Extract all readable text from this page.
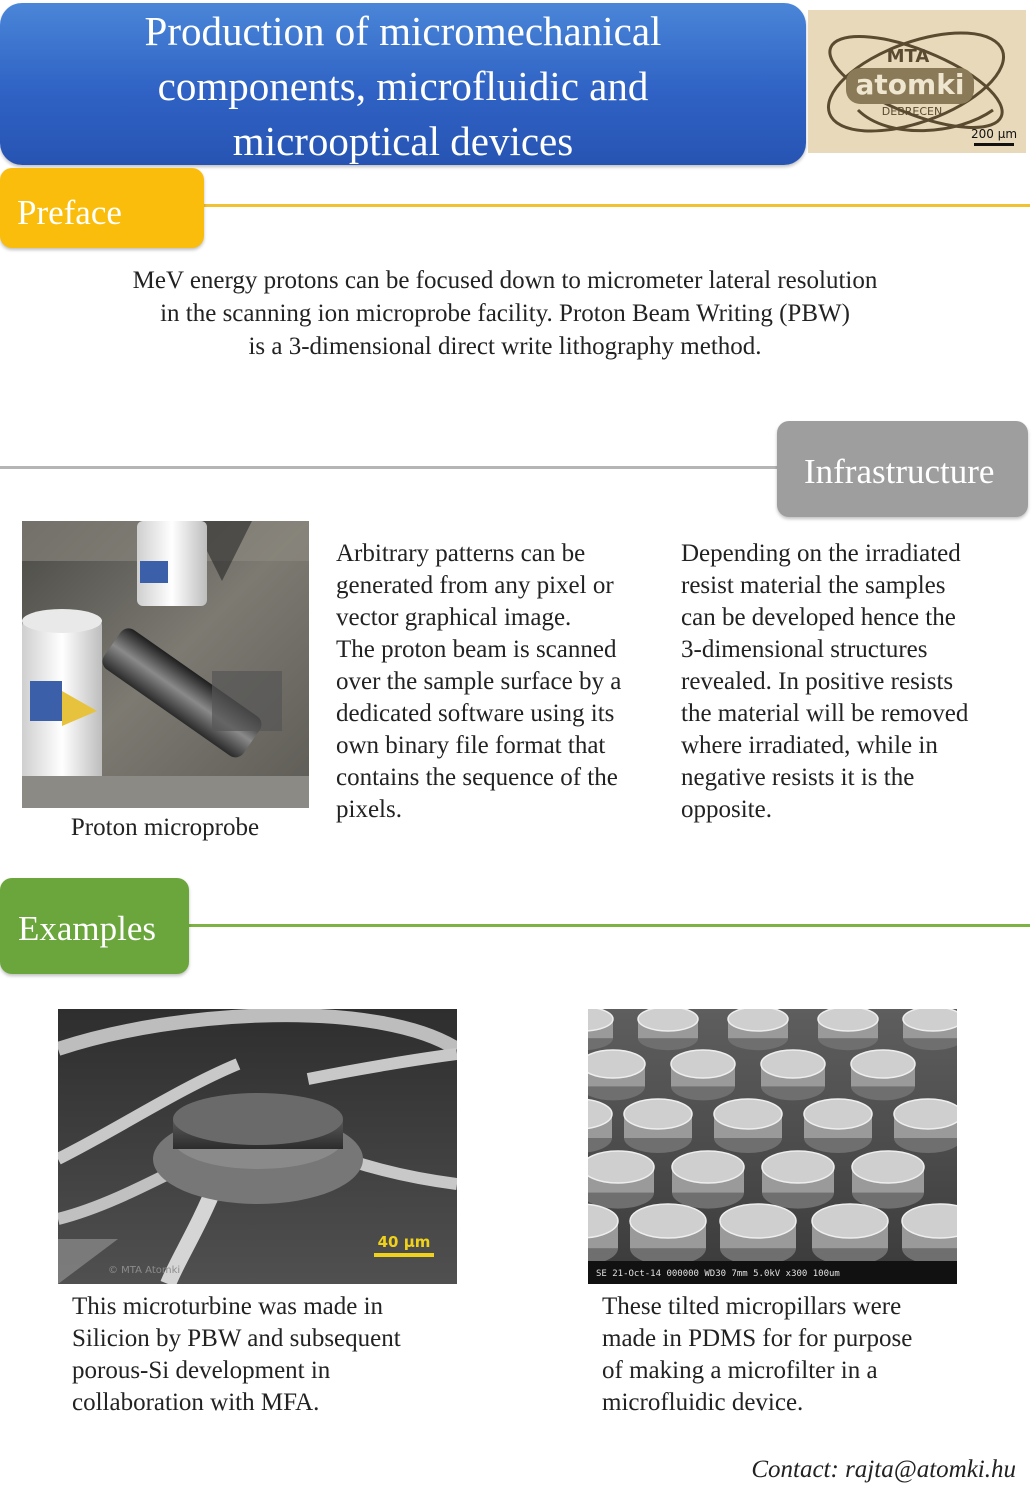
Production of micromechanical
components, microfluidic and
microoptical devices
MTA
atomki
DEBRECEN
200 µm
Preface
MeV energy protons can be focused down to micrometer lateral resolution
in the scanning ion microprobe facility. Proton Beam Writing (PBW)
is a 3-dimensional direct write lithography method.
Infrastructure
Proton microprobe
Arbitrary patterns can be
generated from any pixel or
vector graphical image.
The proton beam is scanned
over the sample surface by a
dedicated software using its
own binary file format that
contains the sequence of the
pixels.
Depending on the irradiated
resist material the samples
can be developed hence the
3-dimensional structures
revealed. In positive resists
the material will be removed
where irradiated, while in
negative resists it is the
opposite.
Examples
40 µm
© MTA Atomki
This microturbine was made in
Silicion by PBW and subsequent
porous-Si development in
collaboration with MFA.
SE 21-Oct-14 000000 WD30 7mm 5.0kV x300 100um
These tilted micropillars were
made in PDMS for for purpose
of making a microfilter in a
microfluidic device.
Contact: rajta@atomki.hu
